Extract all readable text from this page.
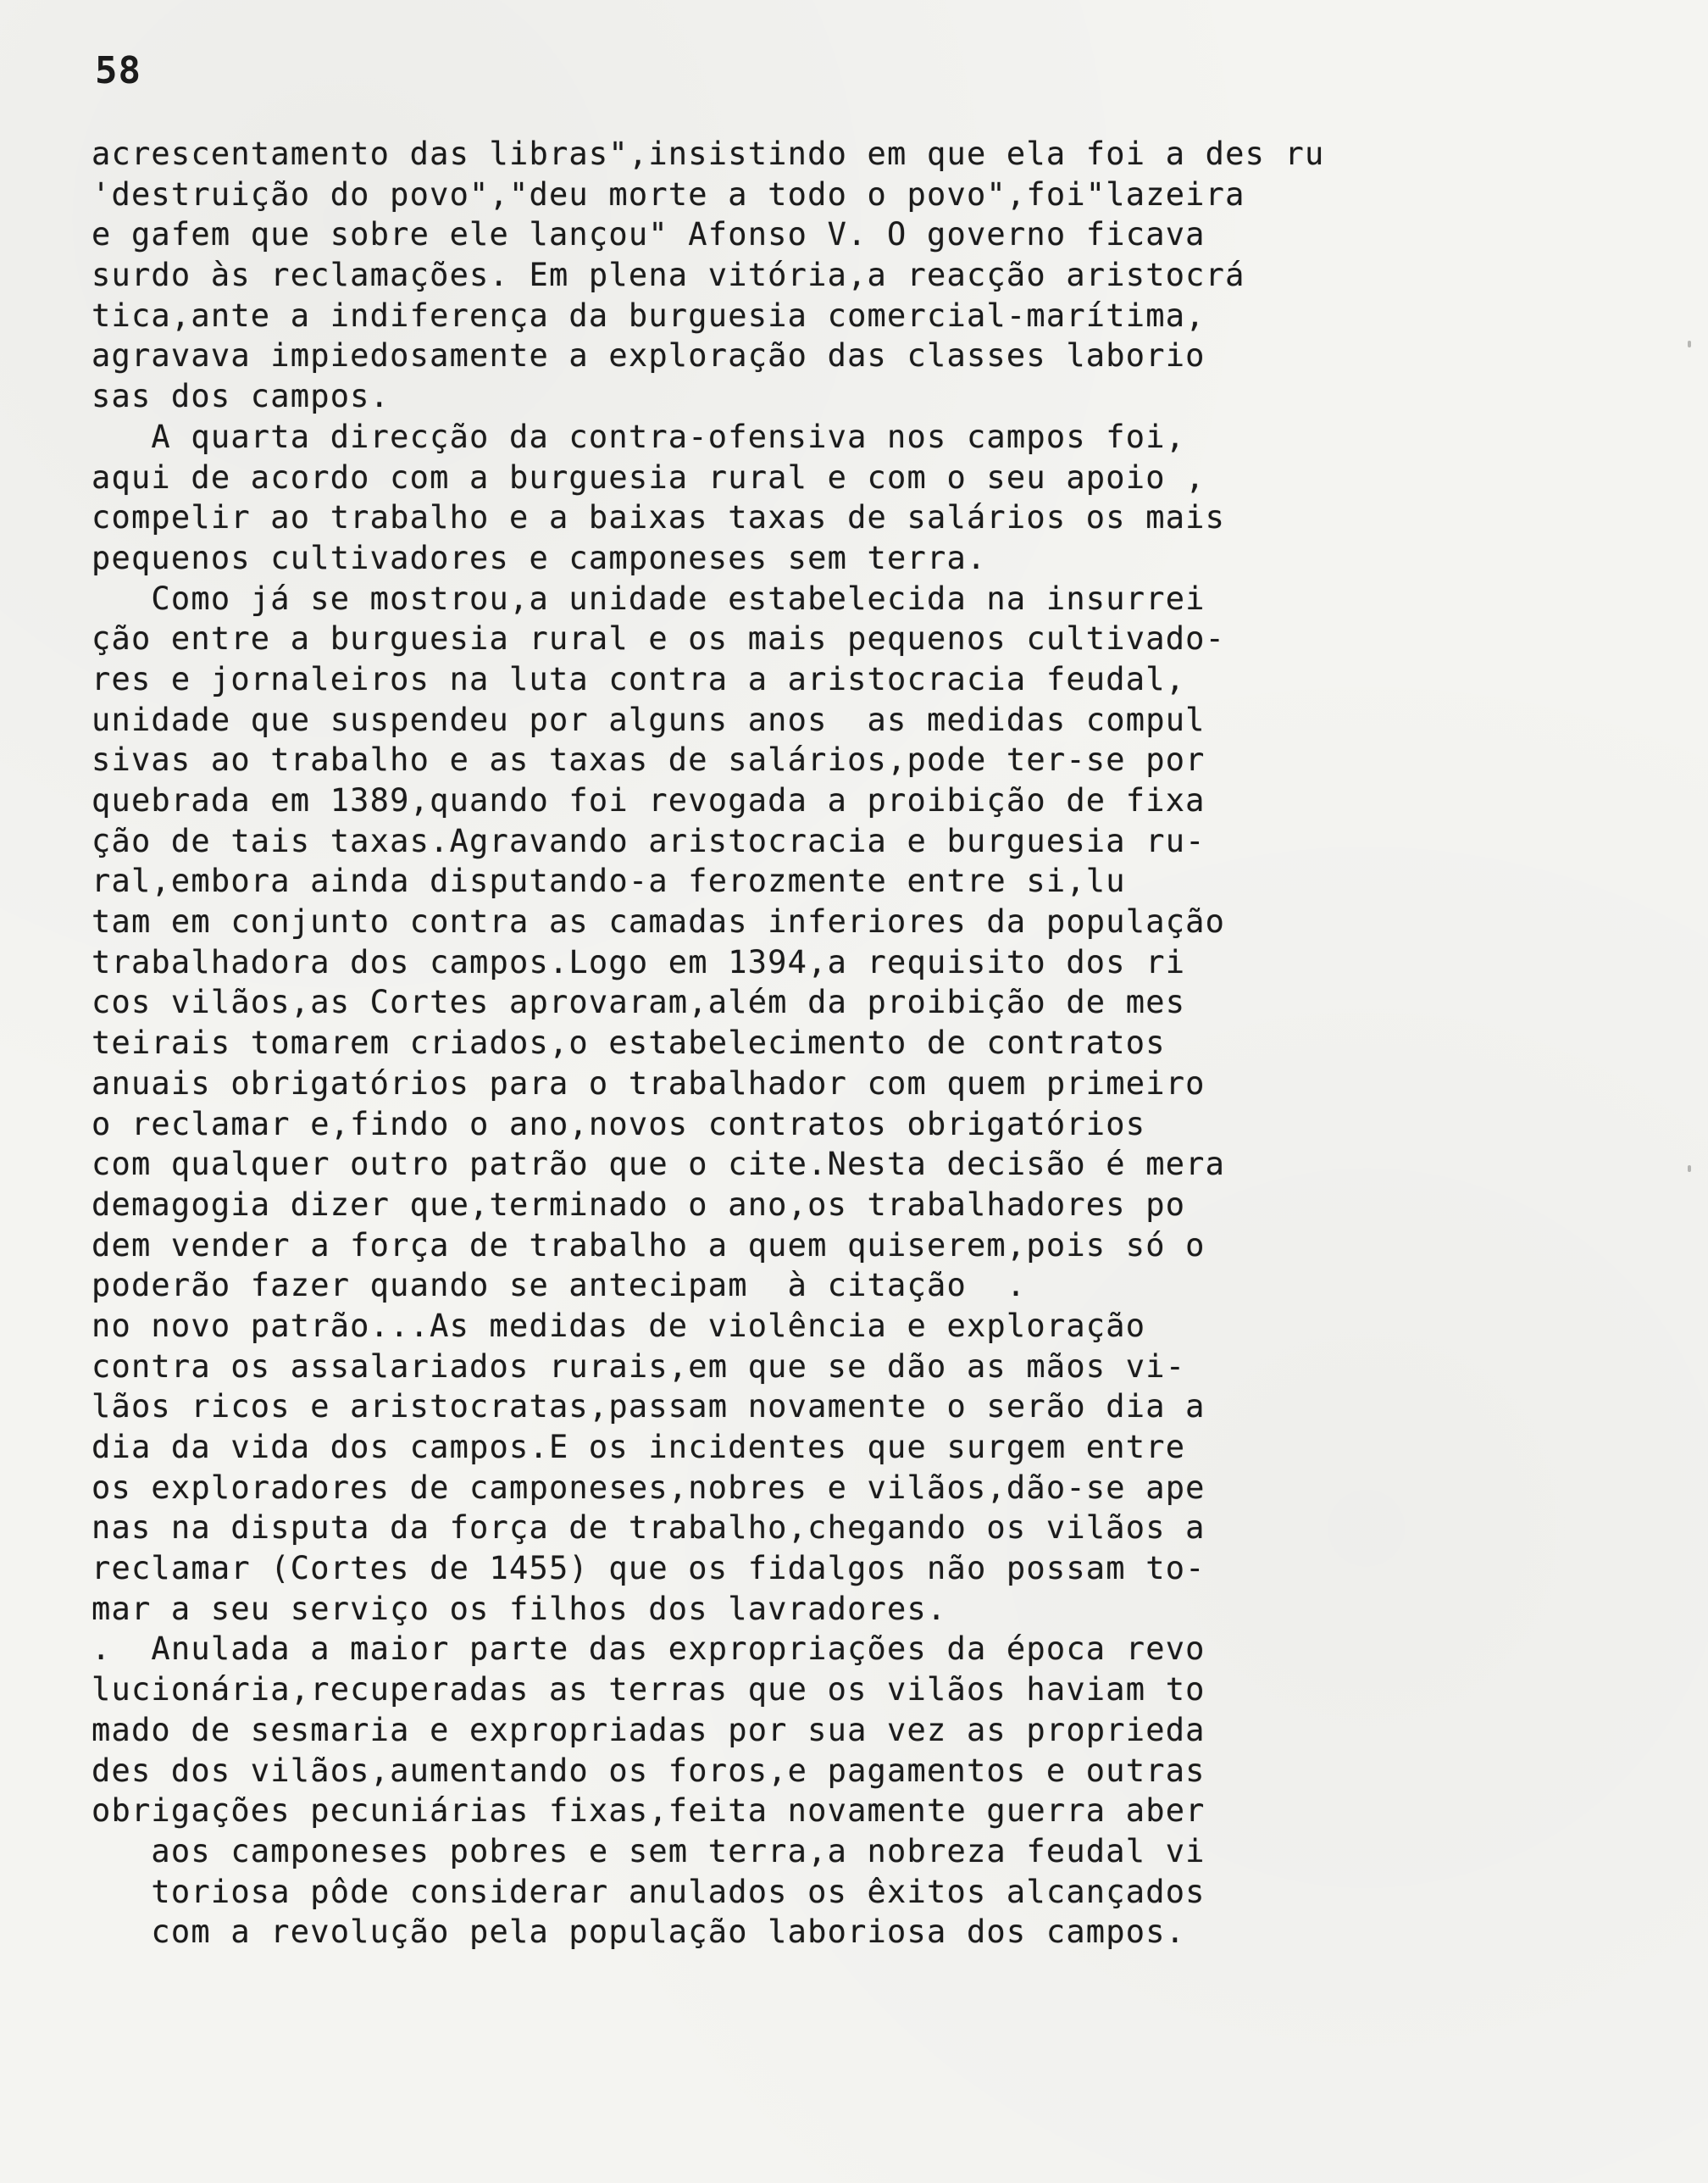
58
acrescentamento das libras",insistindo em que ela foi a des ru
'destruição do povo","deu morte a todo o povo",foi"lazeira
e gafem que sobre ele lançou" Afonso V. O governo ficava
surdo às reclamações. Em plena vitória,a reacção aristocrá
tica,ante a indiferença da burguesia comercial-marítima,
agravava impiedosamente a exploração das classes laborio
sas dos campos.
A quarta direcção da contra-ofensiva nos campos foi,
aqui de acordo com a burguesia rural e com o seu apoio ,
compelir ao trabalho e a baixas taxas de salários os mais
pequenos cultivadores e camponeses sem terra.
Como já se mostrou,a unidade estabelecida na insurrei
ção entre a burguesia rural e os mais pequenos cultivado-
res e jornaleiros na luta contra a aristocracia feudal,
unidade que suspendeu por alguns anos  as medidas compul
sivas ao trabalho e as taxas de salários,pode ter-se por
quebrada em 1389,quando foi revogada a proibição de fixa
ção de tais taxas.Agravando aristocracia e burguesia ru-
ral,embora ainda disputando-a ferozmente entre si,lu
tam em conjunto contra as camadas inferiores da população
trabalhadora dos campos.Logo em 1394,a requisito dos ri
cos vilãos,as Cortes aprovaram,além da proibição de mes
teirais tomarem criados,o estabelecimento de contratos
anuais obrigatórios para o trabalhador com quem primeiro
o reclamar e,findo o ano,novos contratos obrigatórios
com qualquer outro patrão que o cite.Nesta decisão é mera
demagogia dizer que,terminado o ano,os trabalhadores po
dem vender a força de trabalho a quem quiserem,pois só o
poderão fazer quando se antecipam  à citação  .
no novo patrão...As medidas de violência e exploração
contra os assalariados rurais,em que se dão as mãos vi-
lãos ricos e aristocratas,passam novamente o serão dia a
dia da vida dos campos.E os incidentes que surgem entre
os exploradores de camponeses,nobres e vilãos,dão-se ape
nas na disputa da força de trabalho,chegando os vilãos a
reclamar (Cortes de 1455) que os fidalgos não possam to-
mar a seu serviço os filhos dos lavradores.
.  Anulada a maior parte das expropriações da época revo
lucionária,recuperadas as terras que os vilãos haviam to
mado de sesmaria e expropriadas por sua vez as proprieda
des dos vilãos,aumentando os foros,e pagamentos e outras
obrigações pecuniárias fixas,feita novamente guerra aber
aos camponeses pobres e sem terra,a nobreza feudal vi
toriosa pôde considerar anulados os êxitos alcançados
com a revolução pela população laboriosa dos campos.
